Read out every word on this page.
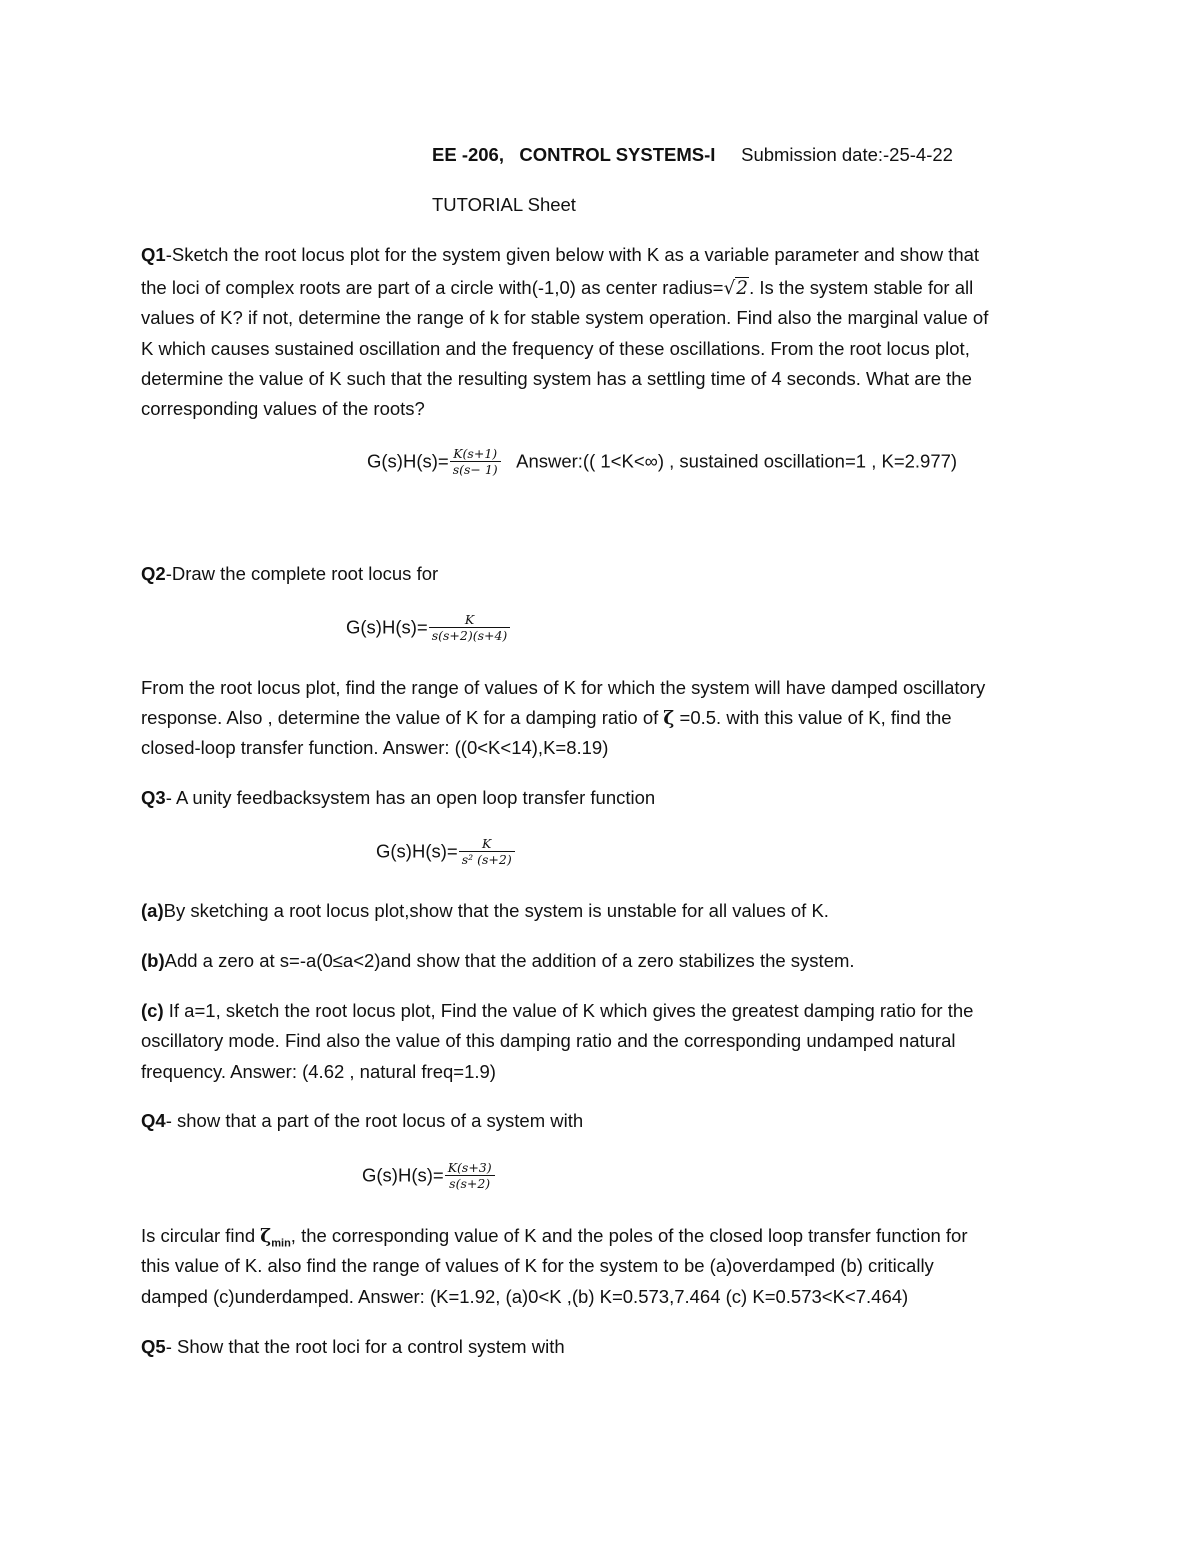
EE -206, CONTROL SYSTEMS-I Submission date:-25-4-22
TUTORIAL Sheet
Q1-Sketch the root locus plot for the system given below with K as a variable parameter and show that
the loci of complex roots are part of a circle with(-1,0) as center radius=√2. Is the system stable for all
values of K? if not, determine the range of k for stable system operation. Find also the marginal value of
K which causes sustained oscillation and the frequency of these oscillations. From the root locus plot,
determine the value of K such that the resulting system has a settling time of 4 seconds. What are the
corresponding values of the roots?
$G(s)H(s)= \frac{K(s+1)}{s(s- 1)}$ Answer:(( 1<K<∞) , sustained oscillation=1 , K=2.977)
Q2-Draw the complete root locus for
$G(s)H(s)= \frac{K}{s(s+2)(s+4)}$
From the root locus plot, find the range of values of K for which the system will have damped oscillatory
response. Also , determine the value of K for a damping ratio of ζ =0.5. with this value of K, find the
closed-loop transfer function. Answer: ((0<K<14),K=8.19)
Q3- A unity feedbacksystem has an open loop transfer function
$G(s)H(s)= \frac{K}{\text{s² (s+2)}}$
(a)By sketching a root locus plot,show that the system is unstable for all values of K.
(b)Add a zero at s=-a(0≤a<2)and show that the addition of a zero stabilizes the system.
(c) If a=1, sketch the root locus plot, Find the value of K which gives the greatest damping ratio for the
oscillatory mode. Find also the value of this damping ratio and the corresponding undamped natural
frequency. Answer: (4.62 , natural freq=1.9)
Q4- show that a part of the root locus of a system with
$G(s)H(s)= \frac{K(s+3)}{s(s+2)}$
Is circular find $\zeta_{min}$, the corresponding value of K and the poles of the closed loop transfer function for
this value of K. also find the range of values of K for the system to be (a)overdamped (b) critically
damped (c)underdamped. Answer: (K=1.92, (a)0<K ,(b) K=0.573,7.464 (c) K=0.573<K<7.464)
Q5- Show that the root loci for a control system with
